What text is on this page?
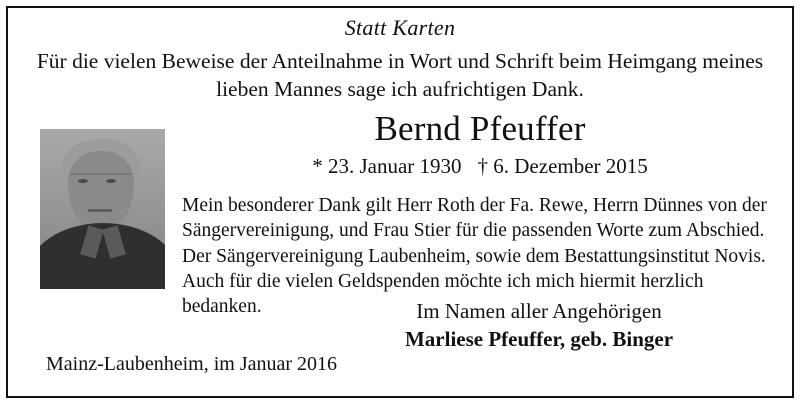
Statt Karten
Für die vielen Beweise der Anteilnahme in Wort und Schrift beim Heimgang meines lieben Mannes sage ich aufrichtigen Dank.
Bernd Pfeuffer
* 23. Januar 1930 † 6. Dezember 2015
Mein besonderer Dank gilt Herr Roth der Fa. Rewe, Herrn Dünnes von der Sängervereinigung, und Frau Stier für die passenden Worte zum Abschied. Der Sängervereinigung Laubenheim, sowie dem Bestattungsinstitut Novis. Auch für die vielen Geldspenden möchte ich mich hiermit herzlich bedanken.	Im Namen aller Angehörigen
Marliese Pfeuffer, geb. Binger
Mainz-Laubenheim, im Januar 2016
